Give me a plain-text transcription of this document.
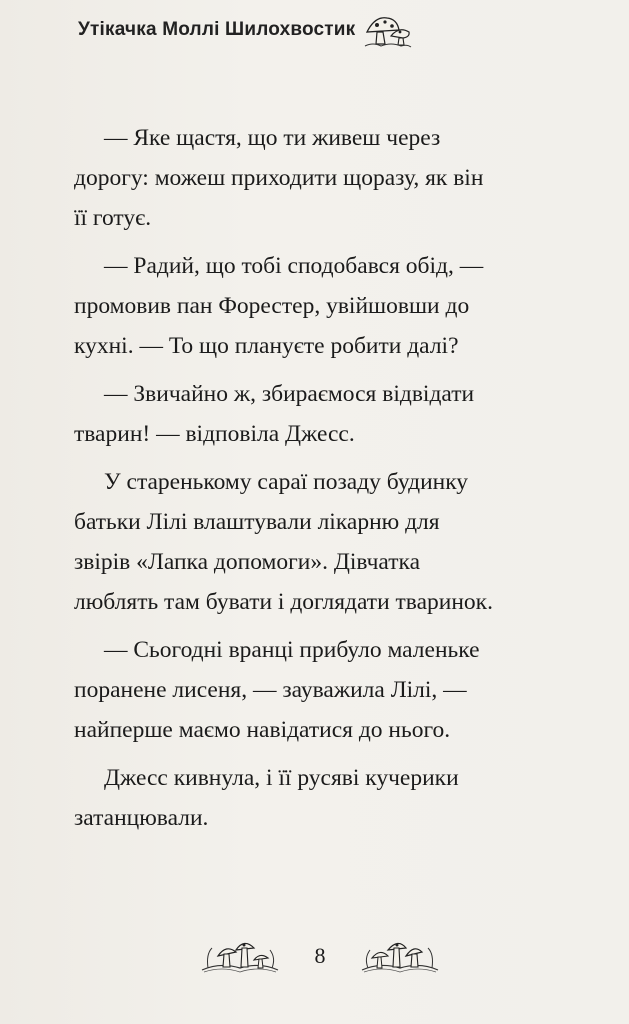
Утікачка Моллі Шилохвостик
— Яке щастя, що ти живеш через
дорогу: можеш приходити щоразу, як він
її готує.
— Радий, що тобі сподобався обід, —
промовив пан Форестер, увійшовши до
кухні. — То що плануєте робити далі?
— Звичайно ж, збираємося відвідати
тварин! — відповіла Джесс.
У старенькому сараї позаду будинку
батьки Лілі влаштували лікарню для
звірів «Лапка допомоги». Дівчатка
люблять там бувати і доглядати тваринок.
— Сьогодні вранці прибуло маленьке
поранене лисеня, — зауважила Лілі, —
найперше маємо навідатися до нього.
Джесс кивнула, і її русяві кучерики
затанцювали.
8
